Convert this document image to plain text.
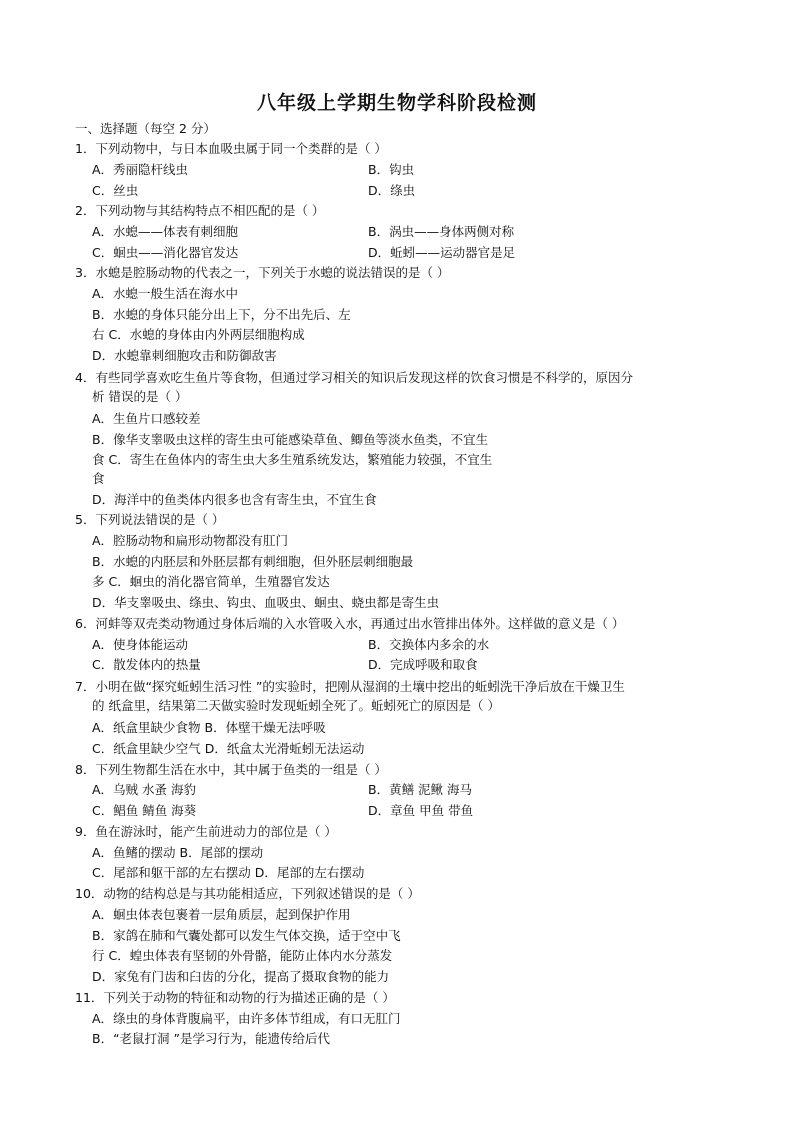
八年级上学期生物学科阶段检测
一、选择题（每空 2 分）
1．下列动物中，与日本血吸虫属于同一个类群的是（ ）
A．秀丽隐杆线虫	B．钩虫
C．丝虫	D．绦虫
2．下列动物与其结构特点不相匹配的是（ ）
A．水螅——体表有刺细胞	B．涡虫——身体两侧对称
C．蛔虫——消化器官发达	D．蚯蚓——运动器官是足
3．水螅是腔肠动物的代表之一，下列关于水螅的说法错误的是（ ）
A．水螅一般生活在海水中
B．水螅的身体只能分出上下，分不出先后、左
右 C．水螅的身体由内外两层细胞构成
D．水螅靠刺细胞攻击和防御敌害
4．有些同学喜欢吃生鱼片等食物，但通过学习相关的知识后发现这样的饮食习惯是不科学的，原因分
析 错误的是（ ）
A．生鱼片口感较差
B．像华支睾吸虫这样的寄生虫可能感染草鱼、鲫鱼等淡水鱼类，不宜生
食 C．寄生在鱼体内的寄生虫大多生殖系统发达，繁殖能力较强，不宜生
食
D．海洋中的鱼类体内很多也含有寄生虫，不宜生食
5．下列说法错误的是（ ）
A．腔肠动物和扁形动物都没有肛门
B．水螅的内胚层和外胚层都有刺细胞，但外胚层刺细胞最
多 C．蛔虫的消化器官简单，生殖器官发达
D．华支睾吸虫、绦虫、钩虫、血吸虫、蛔虫、蛲虫都是寄生虫
6．河蚌等双壳类动物通过身体后端的入水管吸入水，再通过出水管排出体外。这样做的意义是（ ）
A．使身体能运动	B．交换体内多余的水
C．散发体内的热量	D．完成呼吸和取食
7．小明在做“探究蚯蚓生活习性 ”的实验时，把刚从湿润的土壤中挖出的蚯蚓洗干净后放在干燥卫生
的 纸盒里，结果第二天做实验时发现蚯蚓全死了。蚯蚓死亡的原因是（ ）
A．纸盒里缺少食物 B．体壁干燥无法呼吸
C．纸盒里缺少空气 D．纸盒太光滑蚯蚓无法运动
8．下列生物都生活在水中，其中属于鱼类的一组是（ ）
A．乌贼 水蚤 海豹	B．黄鳝 泥鳅 海马
C．鲳鱼 鲭鱼 海葵	D．章鱼 甲鱼 带鱼
9．鱼在游泳时，能产生前进动力的部位是（ ）
A．鱼鳍的摆动 B．尾部的摆动
C．尾部和躯干部的左右摆动 D．尾部的左右摆动
10．动物的结构总是与其功能相适应，下列叙述错误的是（ ）
A．蛔虫体表包裹着一层角质层，起到保护作用
B．家鸽在肺和气囊处都可以发生气体交换，适于空中飞
行 C．蝗虫体表有坚韧的外骨骼，能防止体内水分蒸发
D．家兔有门齿和臼齿的分化，提高了摄取食物的能力
11．下列关于动物的特征和动物的行为描述正确的是（ ）
A．绦虫的身体背腹扁平，由许多体节组成，有口无肛门
B．“老鼠打洞 ”是学习行为，能遗传给后代
